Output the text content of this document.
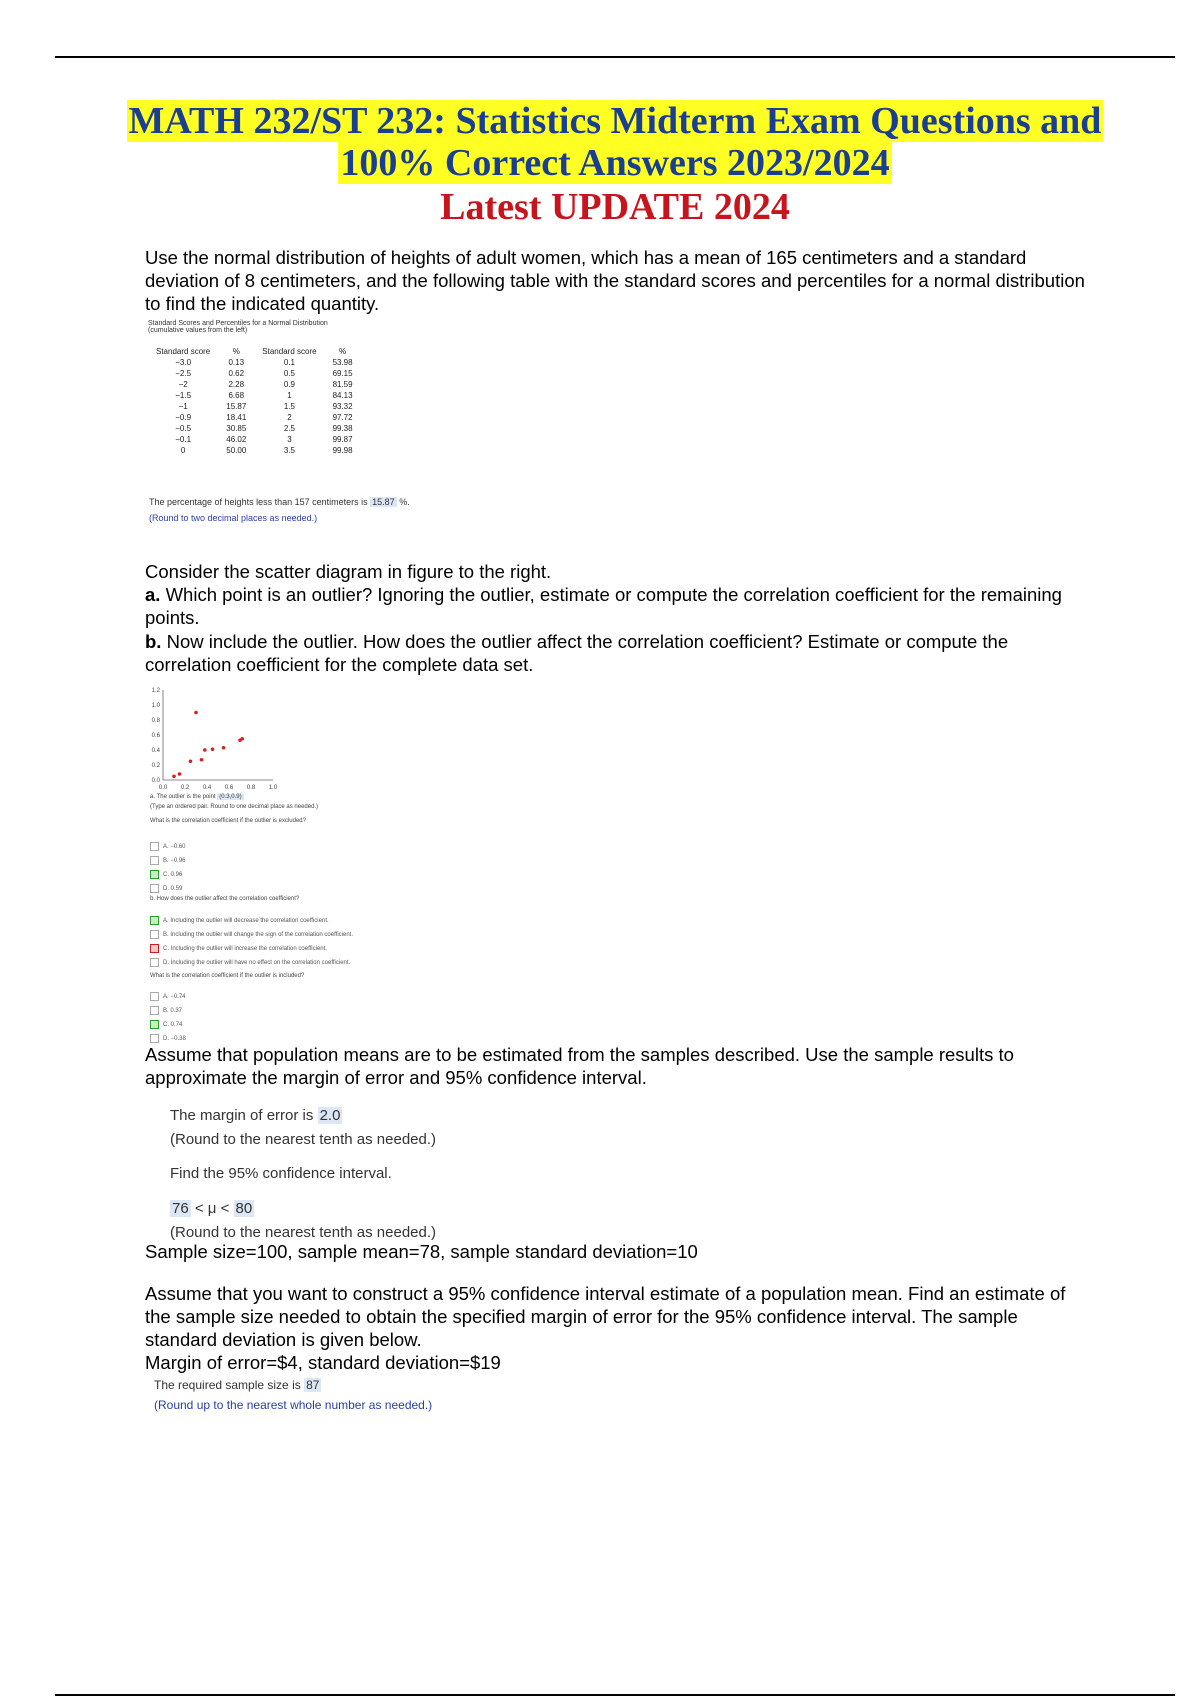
MATH 232/ST 232: Statistics Midterm Exam Questions and
100% Correct Answers 2023/2024
Latest UPDATE 2024
Use the normal distribution of heights of adult women, which has a mean of 165 centimeters and a standard deviation of 8 centimeters, and the following table with the standard scores and percentiles for a normal distribution to find the indicated quantity.
Standard Scores and Percentiles for a Normal Distribution
(cumulative values from the left)
Standard score	%	Standard score	%
−3.0	0.13	0.1	53.98
−2.5	0.62	0.5	69.15
−2	2.28	0.9	81.59
−1.5	6.68	1	84.13
−1	15.87	1.5	93.32
−0.9	18.41	2	97.72
−0.5	30.85	2.5	99.38
−0.1	46.02	3	99.87
0	50.00	3.5	99.98
The percentage of heights less than 157 centimeters is 15.87 %.
(Round to two decimal places as needed.)
Consider the scatter diagram in figure to the right.
a. Which point is an outlier? Ignoring the outlier, estimate or compute the correlation coefficient for the remaining points.
b. Now include the outlier. How does the outlier affect the correlation coefficient? Estimate or compute the correlation coefficient for the complete data set.
1.2
1.0
0.8
0.6
0.4
0.2
0.0
0.0 0.2 0.4 0.6 0.8 1.0
a. The outlier is the point (0.3,0.9)
(Type an ordered pair. Round to one decimal place as needed.)
What is the correlation coefficient if the outlier is excluded?
A. −0.60
B. −0.96
C. 0.96
D. 0.59
b. How does the outlier affect the correlation coefficient?
A. Including the outlier will decrease the correlation coefficient.
B. Including the outlier will change the sign of the correlation coefficient.
C. Including the outlier will increase the correlation coefficient.
D. Including the outlier will have no effect on the correlation coefficient.
What is the correlation coefficient if the outlier is included?
A. −0.74
B. 0.37
C. 0.74
D. −0.38
Assume that population means are to be estimated from the samples described. Use the sample results to approximate the margin of error and 95% confidence interval.
The margin of error is 2.0
(Round to the nearest tenth as needed.)
Find the 95% confidence interval.
76 < μ < 80
(Round to the nearest tenth as needed.)
Sample size=100, sample mean=78, sample standard deviation=10
Assume that you want to construct a 95% confidence interval estimate of a population mean. Find an estimate of the sample size needed to obtain the specified margin of error for the 95% confidence interval. The sample standard deviation is given below.
Margin of error=$4, standard deviation=$19
The required sample size is 87
(Round up to the nearest whole number as needed.)
